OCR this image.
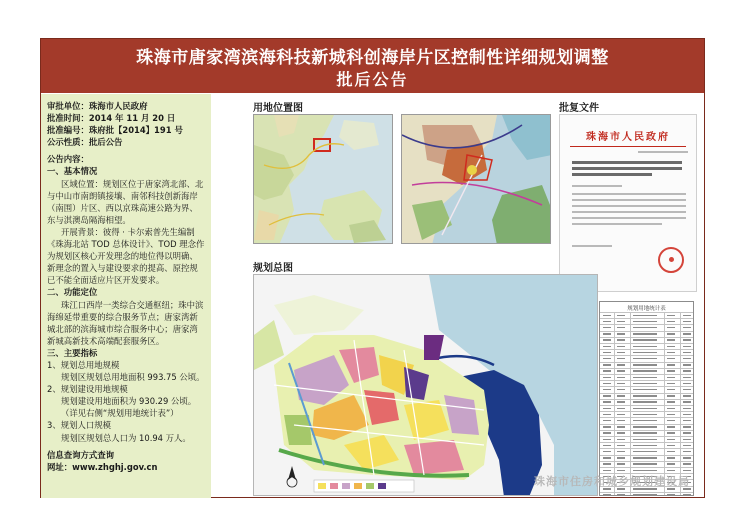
珠海市唐家湾滨海科技新城科创海岸片区控制性详细规划调整
批后公告
审批单位：珠海市人民政府
批准时间：2014 年 11 月 20 日
批准编号：珠府批【2014】191 号
公示性质：批后公告
公告内容：
一、基本情况
区域位置：规划区位于唐家湾北部、北与中山市南朗镇接壤、南邻科技创新海岸（南围）片区、西以京珠高速公路为界、东与淇澳岛隔海相望。
开展背景：彼得 · 卡尔索普先生编制《珠海北站 TOD 总体设计》、TOD 理念作为规划区核心开发理念的地位得以明确、新理念的置入与建设要求的提高、原控规已不能全面适应片区开发要求。
二、功能定位
珠江口西岸一类综合交通枢纽；珠中滨海绵延带重要的综合服务节点；唐家湾新城北部的滨海城市综合服务中心；唐家湾新城高新技术高端配套服务区。
三、主要指标
1、规划总用地规模
规划区规划总用地面积 993.75 公顷。
2、规划建设用地规模
规划建设用地面积为 930.29 公顷。（详见右侧“规划用地统计表”）
3、规划人口规模
规划区规划总人口为 10.94 万人。
信息查询方式查询
网址：www.zhghj.gov.cn
用地位置图	批复文件
规划总图
珠海市人民政府
规划用地统计表
珠海市住房和城乡规划建设局
